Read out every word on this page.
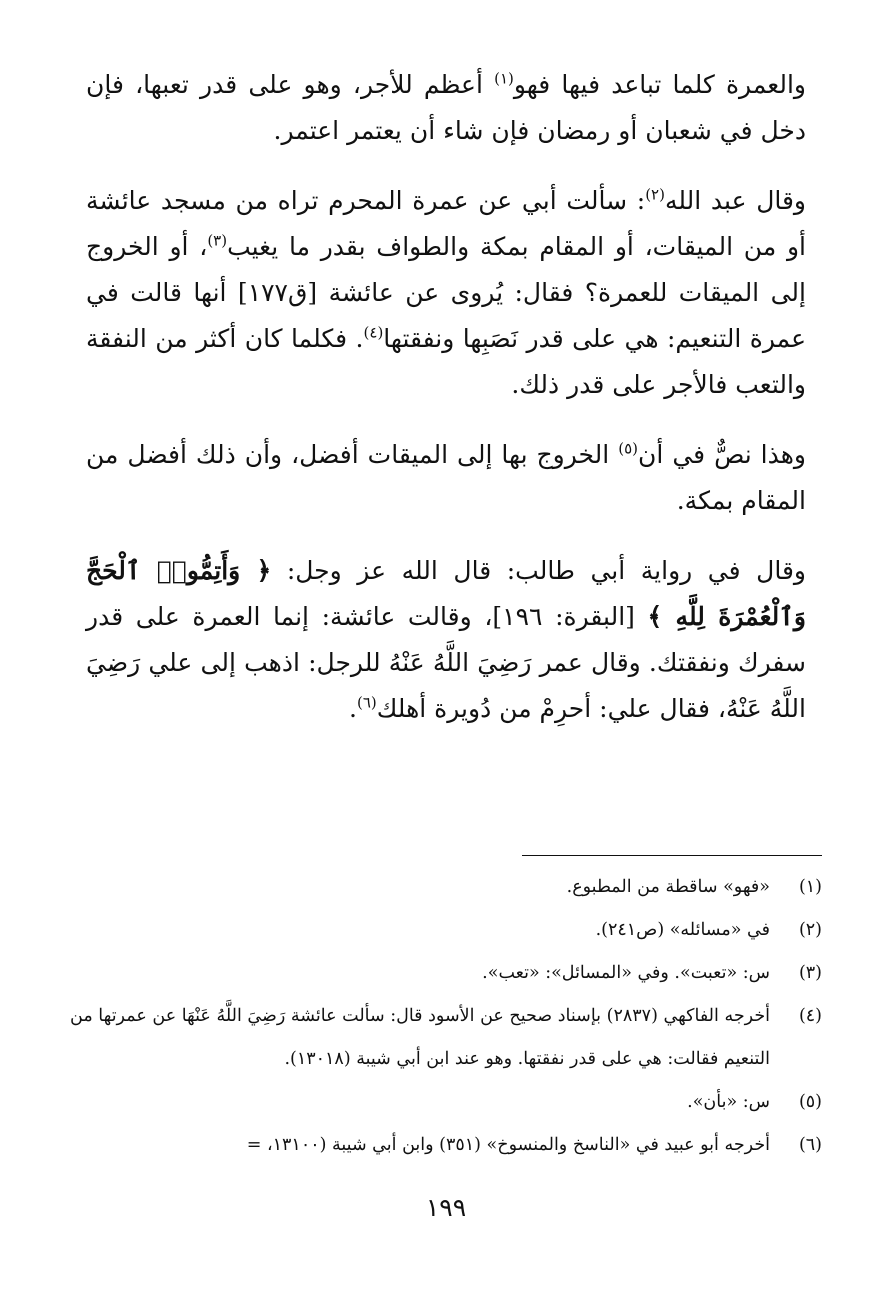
والعمرة كلما تباعد فيها فهو$^{(١)}$ أعظم للأجر، وهو على قدر تعبها، فإن دخل في شعبان أو رمضان فإن شاء أن يعتمر اعتمر.

وقال عبد الله$^{(٢)}$: سألت أبي عن عمرة المحرم تراه من مسجد عائشة أو من الميقات، أو المقام بمكة والطواف بقدر ما يغيب$^{(٣)}$، أو الخروج إلى الميقات للعمرة؟ فقال: يُروى عن عائشة [ق١٧٧] أنها قالت في عمرة التنعيم: هي على قدر نَصَبِها ونفقتها$^{(٤)}$. فكلما كان أكثر من النفقة والتعب فالأجر على قدر ذلك.

وهذا نصٌّ في أن$^{(٥)}$ الخروج بها إلى الميقات أفضل، وأن ذلك أفضل من المقام بمكة.

وقال في رواية أبي طالب: قال الله عز وجل: ﴿ وَأَتِمُّوا۟ ٱلْحَجَّ وَٱلْعُمْرَةَ لِلَّهِ ﴾ [البقرة: ١٩٦]، وقالت عائشة: إنما العمرة على قدر سفرك ونفقتك. وقال عمر رَضِيَ اللَّهُ عَنْهُ للرجل: اذهب إلى علي رَضِيَ اللَّهُ عَنْهُ، فقال علي: أحرِمْ من دُويرة أهلك$^{(٦)}$.

(١)
«فهو» ساقطة من المطبوع.
(٢)
في «مسائله» (ص٢٤١).
(٣)
س: «تعبت». وفي «المسائل»: «تعب».
(٤)
أخرجه الفاكهي (٢٨٣٧) بإسناد صحيح عن الأسود قال: سألت عائشة رَضِيَ اللَّهُ عَنْهَا عن عمرتها من التنعيم فقالت: هي على قدر نفقتها. وهو عند ابن أبي شيبة (١٣٠١٨).
(٥)
س: «بأن».
(٦)
أخرجه أبو عبيد في «الناسخ والمنسوخ» (٣٥١) وابن أبي شيبة (١٣١٠٠، =
١٩٩
